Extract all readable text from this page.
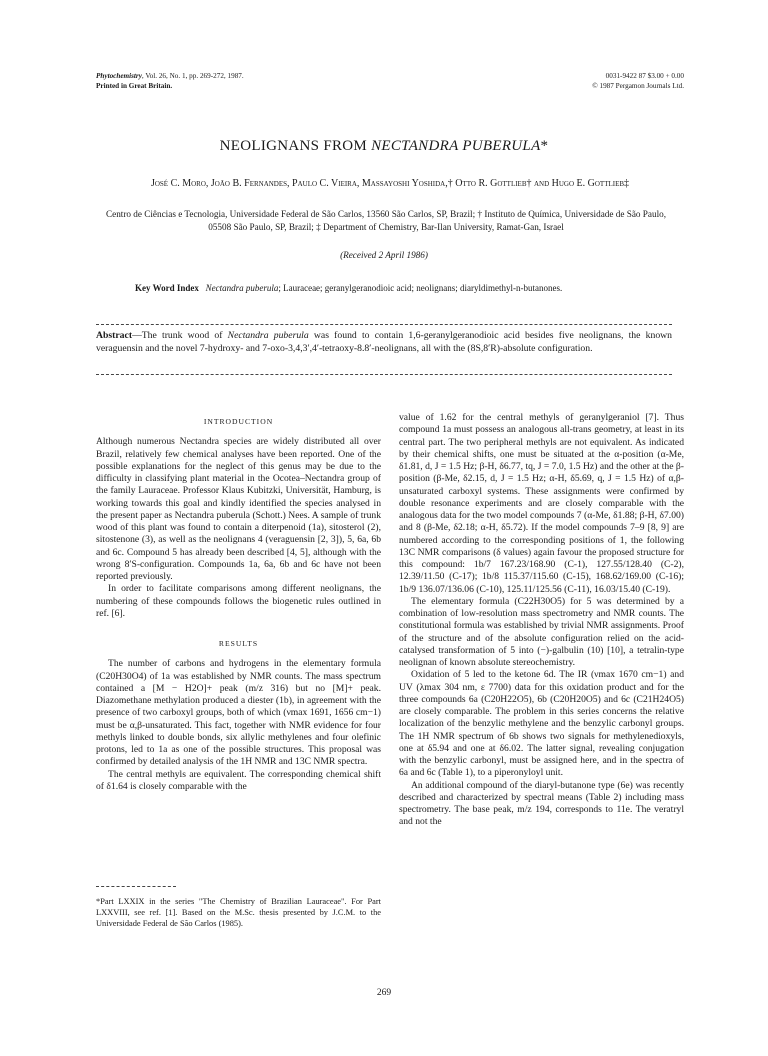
Phytochemistry, Vol. 26, No. 1, pp. 269-272, 1987.
Printed in Great Britain.
0031-9422 87 $3.00 + 0.00
© 1987 Pergamon Journals Ltd.
NEOLIGNANS FROM NECTANDRA PUBERULA*
José C. Moro, João B. Fernandes, Paulo C. Vieira, Massayoshi Yoshida,† Otto R. Gottlieb† and Hugo E. Gottlieb‡
Centro de Ciências e Tecnologia, Universidade Federal de São Carlos, 13560 São Carlos, SP, Brazil; † Instituto de Química, Universidade de São Paulo, 05508 São Paulo, SP, Brazil; ‡ Department of Chemistry, Bar-Ilan University, Ramat-Gan, Israel
(Received 2 April 1986)
Key Word Index Nectandra puberula; Lauraceae; geranylgeranodioic acid; neolignans; diaryldimethyl-n-butanones.
Abstract—The trunk wood of Nectandra puberula was found to contain 1,6-geranylgeranodioic acid besides five neolignans, the known veraguensin and the novel 7-hydroxy- and 7-oxo-3,4,3′,4′-tetraoxy-8.8′-neolignans, all with the (8S,8′R)-absolute configuration.
INTRODUCTION

Although numerous Nectandra species are widely distributed all over Brazil, relatively few chemical analyses have been reported. One of the possible explanations for the neglect of this genus may be due to the difficulty in classifying plant material in the Ocotea–Nectandra group of the family Lauraceae. Professor Klaus Kubitzki, Universität, Hamburg, is working towards this goal and kindly identified the species analysed in the present paper as Nectandra puberula (Schott.) Nees. A sample of trunk wood of this plant was found to contain a diterpenoid (1a), sitosterol (2), sitostenone (3), as well as the neolignans 4 (veraguensin [2, 3]), 5, 6a, 6b and 6c. Compound 5 has already been described [4, 5], although with the wrong 8′S-configuration. Compounds 1a, 6a, 6b and 6c have not been reported previously.

In order to facilitate comparisons among different neolignans, the numbering of these compounds follows the biogenetic rules outlined in ref. [6].

RESULTS

The number of carbons and hydrogens in the elementary formula (C20H30O4) of 1a was established by NMR counts. The mass spectrum contained a [M − H2O]+ peak (m/z 316) but no [M]+ peak. Diazomethane methylation produced a diester (1b), in agreement with the presence of two carboxyl groups, both of which (νmax 1691, 1656 cm−1) must be α,β-unsaturated. This fact, together with NMR evidence for four methyls linked to double bonds, six allylic methylenes and four olefinic protons, led to 1a as one of the possible structures. This proposal was confirmed by detailed analysis of the 1H NMR and 13C NMR spectra.

The central methyls are equivalent. The corresponding chemical shift of δ1.64 is closely comparable with the

*Part LXXIX in the series "The Chemistry of Brazilian Lauraceae". For Part LXXVIII, see ref. [1]. Based on the M.Sc. thesis presented by J.C.M. to the Universidade Federal de São Carlos (1985).

value of 1.62 for the central methyls of geranylgeraniol [7]. Thus compound 1a must possess an analogous all-trans geometry, at least in its central part. The two peripheral methyls are not equivalent. As indicated by their chemical shifts, one must be situated at the α-position (α-Me, δ1.81, d, J = 1.5 Hz; β-H, δ6.77, tq, J = 7.0, 1.5 Hz) and the other at the β-position (β-Me, δ2.15, d, J = 1.5 Hz; α-H, δ5.69, q, J = 1.5 Hz) of α,β-unsaturated carboxyl systems. These assignments were confirmed by double resonance experiments and are closely comparable with the analogous data for the two model compounds 7 (α-Me, δ1.88; β-H, δ7.00) and 8 (β-Me, δ2.18; α-H, δ5.72). If the model compounds 7–9 [8, 9] are numbered according to the corresponding positions of 1, the following 13C NMR comparisons (δ values) again favour the proposed structure for this compound: 1b/7 167.23/168.90 (C-1), 127.55/128.40 (C-2), 12.39/11.50 (C-17); 1b/8 115.37/115.60 (C-15), 168.62/169.00 (C-16); 1b/9 136.07/136.06 (C-10), 125.11/125.56 (C-11), 16.03/15.40 (C-19).

The elementary formula (C22H30O5) for 5 was determined by a combination of low-resolution mass spectrometry and NMR counts. The constitutional formula was established by trivial NMR assignments. Proof of the structure and of the absolute configuration relied on the acid-catalysed transformation of 5 into (−)-galbulin (10) [10], a tetralin-type neolignan of known absolute stereochemistry.

Oxidation of 5 led to the ketone 6d. The IR (νmax 1670 cm−1) and UV (λmax 304 nm, ε 7700) data for this oxidation product and for the three compounds 6a (C20H22O5), 6b (C20H20O5) and 6c (C21H24O5) are closely comparable. The problem in this series concerns the relative localization of the benzylic methylene and the benzylic carbonyl groups. The 1H NMR spectrum of 6b shows two signals for methylenedioxyls, one at δ5.94 and one at δ6.02. The latter signal, revealing conjugation with the benzylic carbonyl, must be assigned here, and in the spectra of 6a and 6c (Table 1), to a piperonyloyl unit.

An additional compound of the diaryl-butanone type (6e) was recently described and characterized by spectral means (Table 2) including mass spectrometry. The base peak, m/z 194, corresponds to 11e. The veratryl and not the

269
